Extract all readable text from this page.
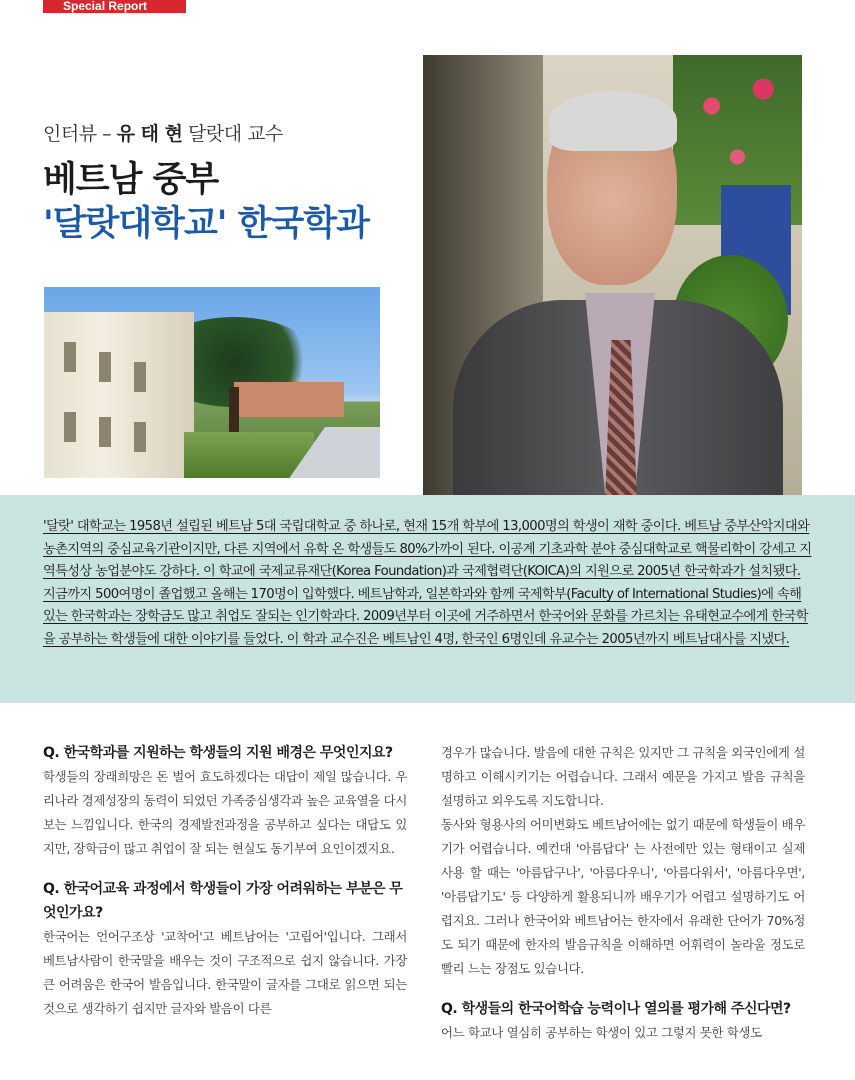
Special Report
인터뷰 – 유 태 현 달랏대 교수
베트남 중부
'달랏대학교' 한국학과

'달랏' 대학교는 1958년 설립된 베트남 5대 국립대학교 중 하나로, 현재 15개 학부에 13,000명의 학생이 재학 중이다. 베트남 중부산악지대와 농촌지역의 중심교육기관이지만, 다른 지역에서 유학 온 학생들도 80%가까이 된다. 이공계 기초과학 분야 중심대학교로 핵물리학이 강세고 지역특성상 농업분야도 강하다. 이 학교에 국제교류재단(Korea Foundation)과 국제협력단(KOICA)의 지원으로 2005년 한국학과가 설치됐다. 지금까지 500여명이 졸업했고 올해는 170명이 입학했다. 베트남학과, 일본학과와 함께 국제학부(Faculty of International Studies)에 속해 있는 한국학과는 장학금도 많고 취업도 잘되는 인기학과다. 2009년부터 이곳에 거주하면서 한국어와 문화를 가르치는 유태현교수에게 한국학을 공부하는 학생들에 대한 이야기를 들었다. 이 학과 교수진은 베트남인 4명, 한국인 6명인데 유교수는 2005년까지 베트남대사를 지냈다.

Q. 한국학과를 지원하는 학생들의 지원 배경은 무엇인지요?
학생들의 장래희망은 돈 벌어 효도하겠다는 대답이 제일 많습니다. 우리나라 경제성장의 동력이 되었던 가족중심생각과 높은 교육열을 다시 보는 느낌입니다. 한국의 경제발전과정을 공부하고 싶다는 대답도 있지만, 장학금이 많고 취업이 잘 되는 현실도 동기부여 요인이겠지요.
Q. 한국어교육 과정에서 학생들이 가장 어려워하는 부분은 무엇인가요?
한국어는 언어구조상 '교착어'고 베트남어는 '고립어'입니다. 그래서 베트남사람이 한국말을 배우는 것이 구조적으로 쉽지 않습니다. 가장 큰 어려움은 한국어 발음입니다. 한국말이 글자를 그대로 읽으면 되는 것으로 생각하기 쉽지만 글자와 발음이 다른
경우가 많습니다. 발음에 대한 규칙은 있지만 그 규칙을 외국인에게 설명하고 이해시키기는 어렵습니다. 그래서 예문을 가지고 발음 규칙을 설명하고 외우도록 지도합니다.
동사와 형용사의 어미변화도 베트남어에는 없기 때문에 학생들이 배우기가 어렵습니다. 예컨대 '아름답다' 는 사전에만 있는 형태이고 실제 사용 할 때는 '아름답구나', '아름다우니', '아름다워서', '아름다우면', '아름답기도' 등 다양하게 활용되니까 배우기가 어렵고 설명하기도 어렵지요. 그러나 한국어와 베트남어는 한자에서 유래한 단어가 70%정도 되기 때문에 한자의 발음규칙을 이해하면 어휘력이 놀라울 정도로 빨리 느는 장점도 있습니다.
Q. 학생들의 한국어학습 능력이나 열의를 평가해 주신다면?
어느 학교나 열심히 공부하는 학생이 있고 그렇지 못한 학생도
